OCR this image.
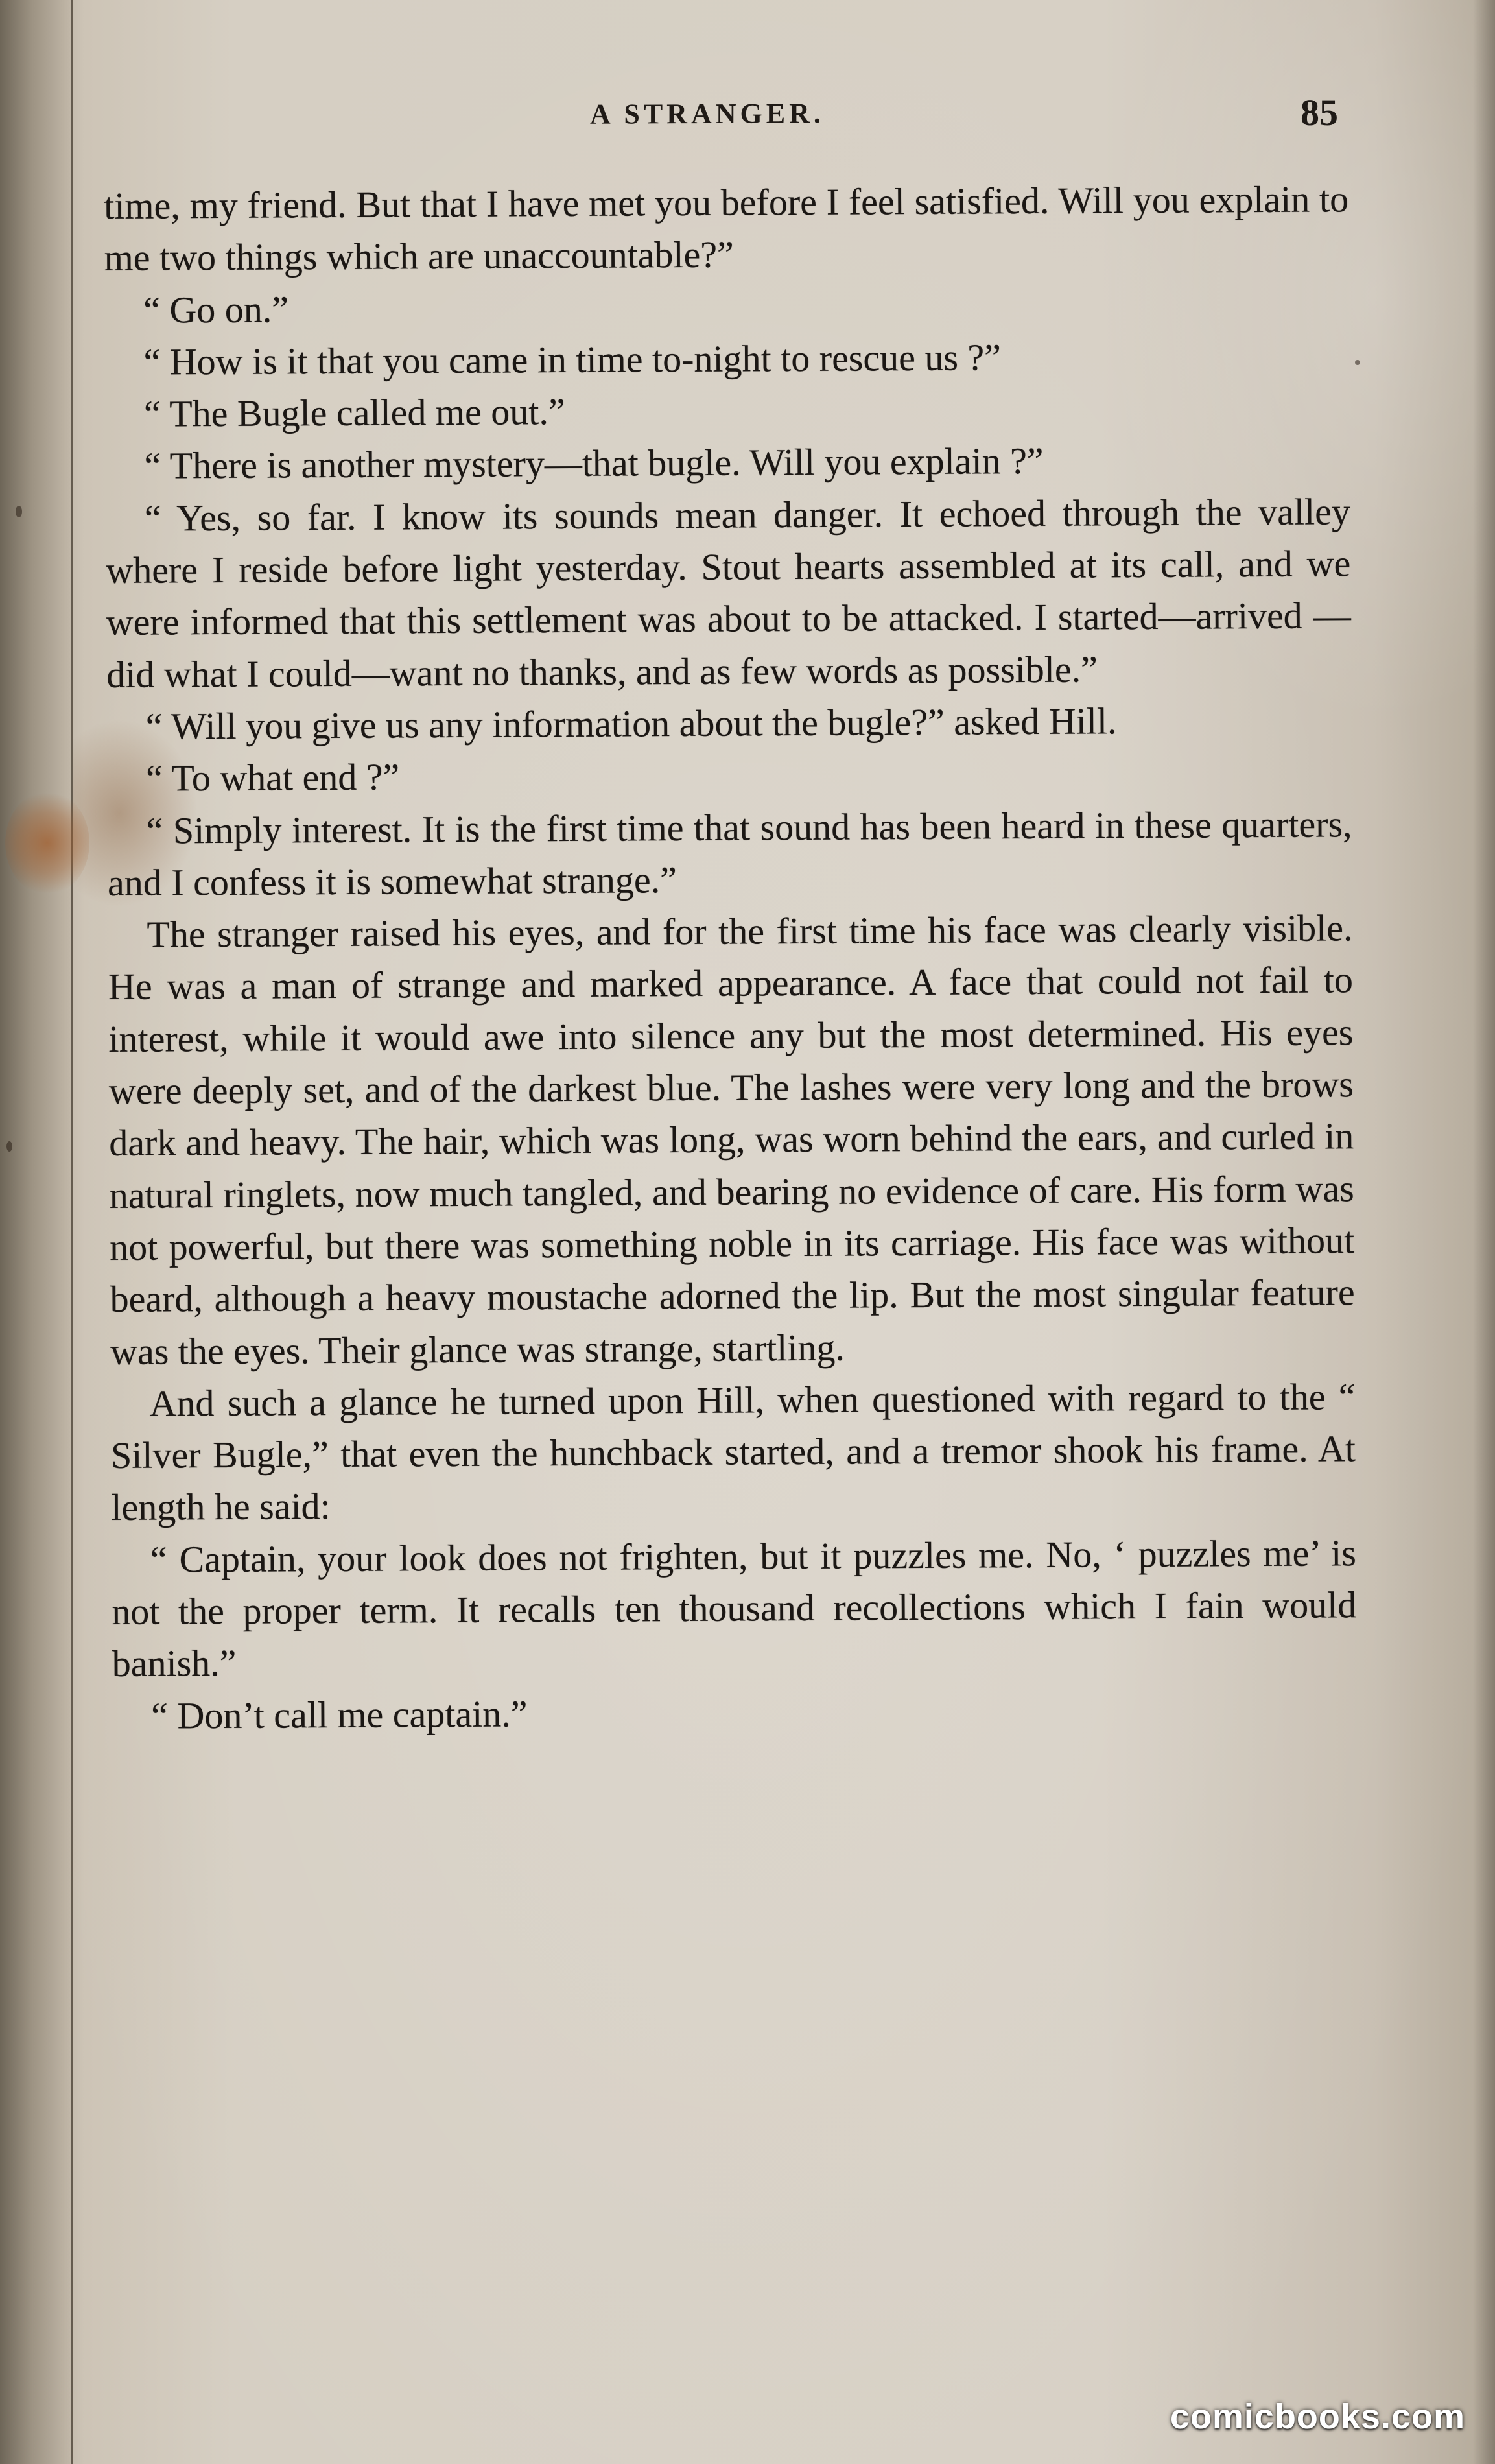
A STRANGER.	85

time, my friend. But that I have met you before I feel satisfied. Will you explain to me two things which are unaccountable?”

“ Go on.”

“ How is it that you came in time to-night to rescue us ?”

“ The Bugle called me out.”

“ There is another mystery—that bugle. Will you explain ?”

“ Yes, so far. I know its sounds mean danger. It echoed through the valley where I reside before light yesterday. Stout hearts assembled at its call, and we were informed that this settlement was about to be attacked. I started—arrived —did what I could—want no thanks, and as few words as possible.”

“ Will you give us any information about the bugle?” asked Hill.

“ To what end ?”

“ Simply interest. It is the first time that sound has been heard in these quarters, and I confess it is somewhat strange.”

The stranger raised his eyes, and for the first time his face was clearly visible. He was a man of strange and marked appearance. A face that could not fail to interest, while it would awe into silence any but the most determined. His eyes were deeply set, and of the darkest blue. The lashes were very long and the brows dark and heavy. The hair, which was long, was worn behind the ears, and curled in natural ringlets, now much tangled, and bearing no evidence of care. His form was not powerful, but there was something noble in its carriage. His face was without beard, although a heavy moustache adorned the lip. But the most singular feature was the eyes. Their glance was strange, startling.

And such a glance he turned upon Hill, when questioned with regard to the “ Silver Bugle,” that even the hunchback started, and a tremor shook his frame. At length he said:

“ Captain, your look does not frighten, but it puzzles me. No, ‘ puzzles me’ is not the proper term. It recalls ten thousand recollections which I fain would banish.”

“ Don’t call me captain.”

comicbooks.com
